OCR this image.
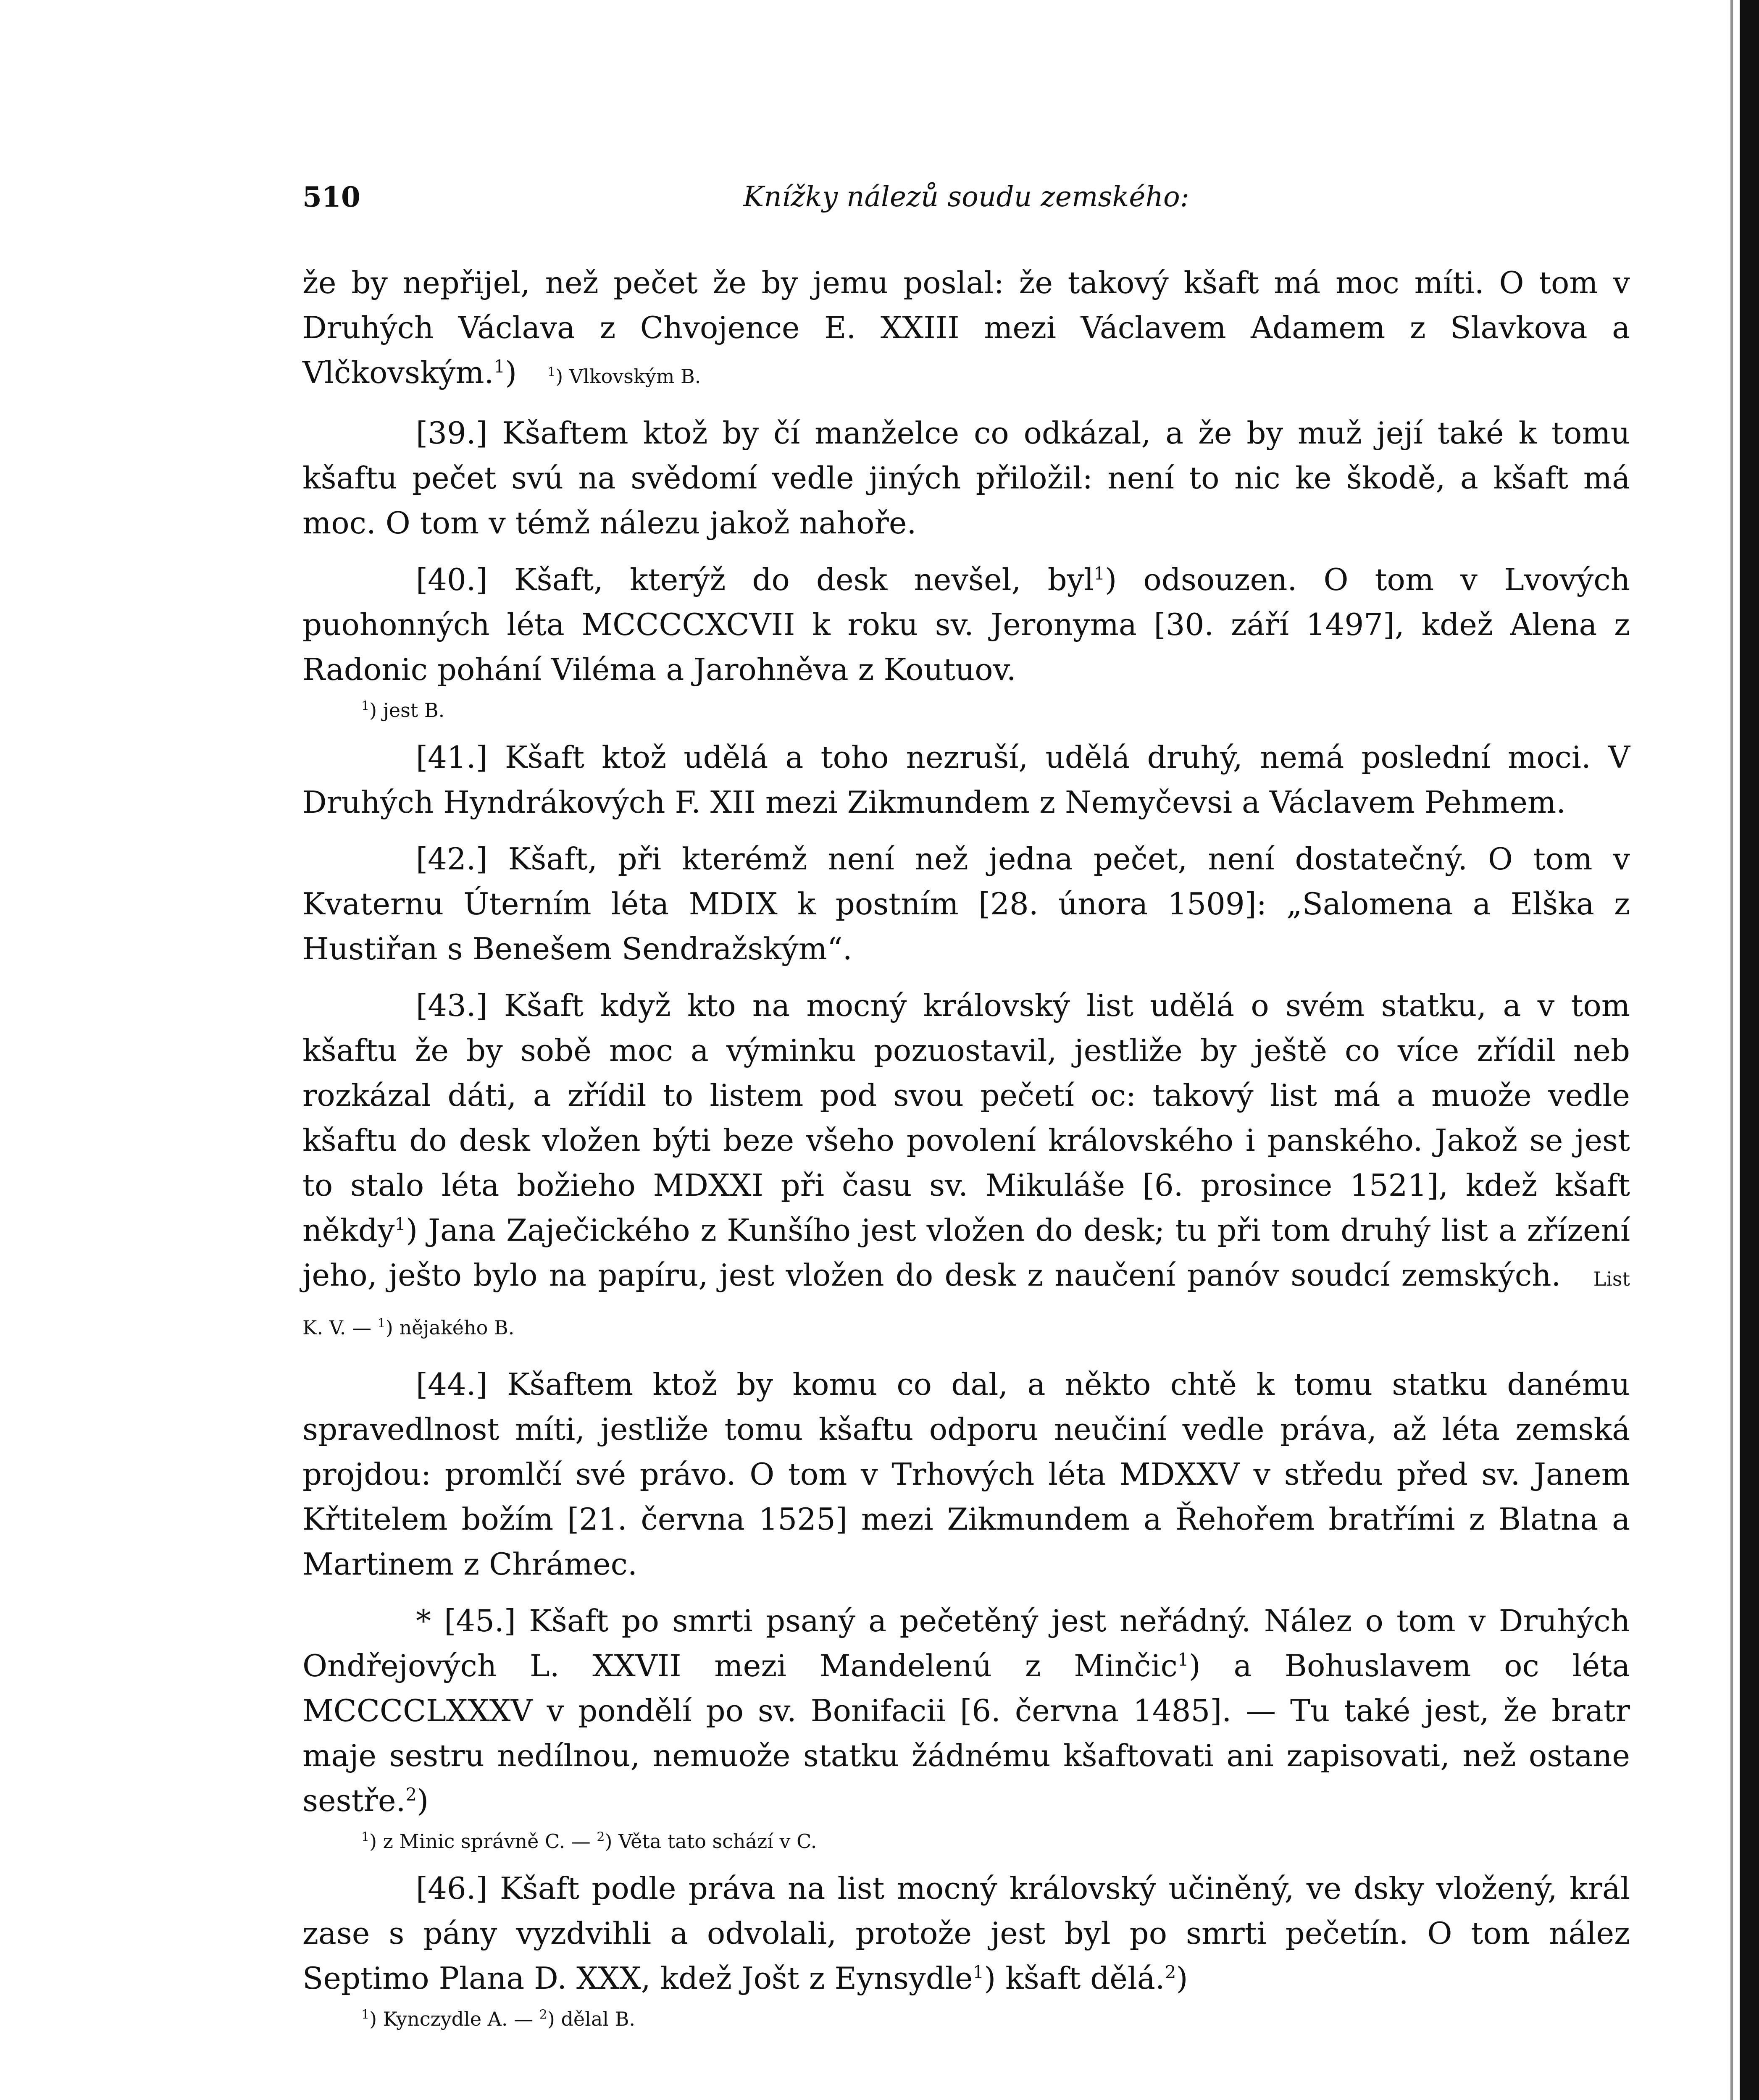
Knížky nálezů soudu zemského:
510

že by nepřijel, než pečet že by jemu poslal: že takový kšaft má moc míti. O tom v Druhých Václava z Chvojence E. XXIII mezi Václavem Adamem z Slavkova a Vlčkovským.$^1$) $^1$) Vlkovským B.

[39.] Kšaftem ktož by čí manželce co odkázal, a že by muž její také k tomu kšaftu pečet svú na svědomí vedle jiných přiložil: není to nic ke škodě, a kšaft má moc. O tom v témž nálezu jakož nahoře.

[40.] Kšaft, kterýž do desk nevšel, byl$^1$) odsouzen. O tom v Lvových puohonných léta MCCCCXCVII k roku sv. Jeronyma [30. září 1497], kdež Alena z Radonic pohání Viléma a Jarohněva z Koutuov.

$^1$) jest B.

[41.] Kšaft ktož udělá a toho nezruší, udělá druhý, nemá poslední moci. V Druhých Hyndrákových F. XII mezi Zikmundem z Nemyčevsi a Václavem Pehmem.

[42.] Kšaft, při kterémž není než jedna pečet, není dostatečný. O tom v Kvaternu Úterním léta MDIX k postním [28. února 1509]: „Salomena a Elška z Hustiřan s Benešem Sendražským“.

[43.] Kšaft když kto na mocný královský list udělá o svém statku, a v tom kšaftu že by sobě moc a výminku pozuostavil, jestliže by ještě co více zřídil neb rozkázal dáti, a zřídil to listem pod svou pečetí oc: takový list má a muože vedle kšaftu do desk vložen býti beze všeho povolení královského i panského. Jakož se jest to stalo léta božieho MDXXI při času sv. Mikuláše [6. prosince 1521], kdež kšaft někdy$^1$) Jana Zaječického z Kunšího jest vložen do desk; tu při tom druhý list a zřízení jeho, ješto bylo na papíru, jest vložen do desk z naučení panóv soudcí zemských. List K. V. — $^1$) nějakého B.

[44.] Kšaftem ktož by komu co dal, a někto chtě k tomu statku danému spravedlnost míti, jestliže tomu kšaftu odporu neučiní vedle práva, až léta zemská projdou: promlčí své právo. O tom v Trhových léta MDXXV v středu před sv. Janem Křtitelem božím [21. června 1525] mezi Zikmundem a Řehořem bratřími z Blatna a Martinem z Chrámec.

* [45.] Kšaft po smrti psaný a pečetěný jest neřádný. Nález o tom v Druhých Ondřejových L. XXVII mezi Mandelenú z Minčic$^1$) a Bohuslavem oc léta MCCCCLXXXV v pondělí po sv. Bonifacii [6. června 1485]. — Tu také jest, že bratr maje sestru nedílnou, nemuože statku žádnému kšaftovati ani zapisovati, než ostane sestře.$^2$)

$^1$) z Minic správně C. — $^2$) Věta tato schází v C.

[46.] Kšaft podle práva na list mocný královský učiněný, ve dsky vložený, král zase s pány vyzdvihli a odvolali, protože jest byl po smrti pečetín. O tom nález Septimo Plana D. XXX, kdež Jošt z Eynsydle$^1$) kšaft dělá.$^2$)

$^1$) Kynczydle A. — $^2$) dělal B.
